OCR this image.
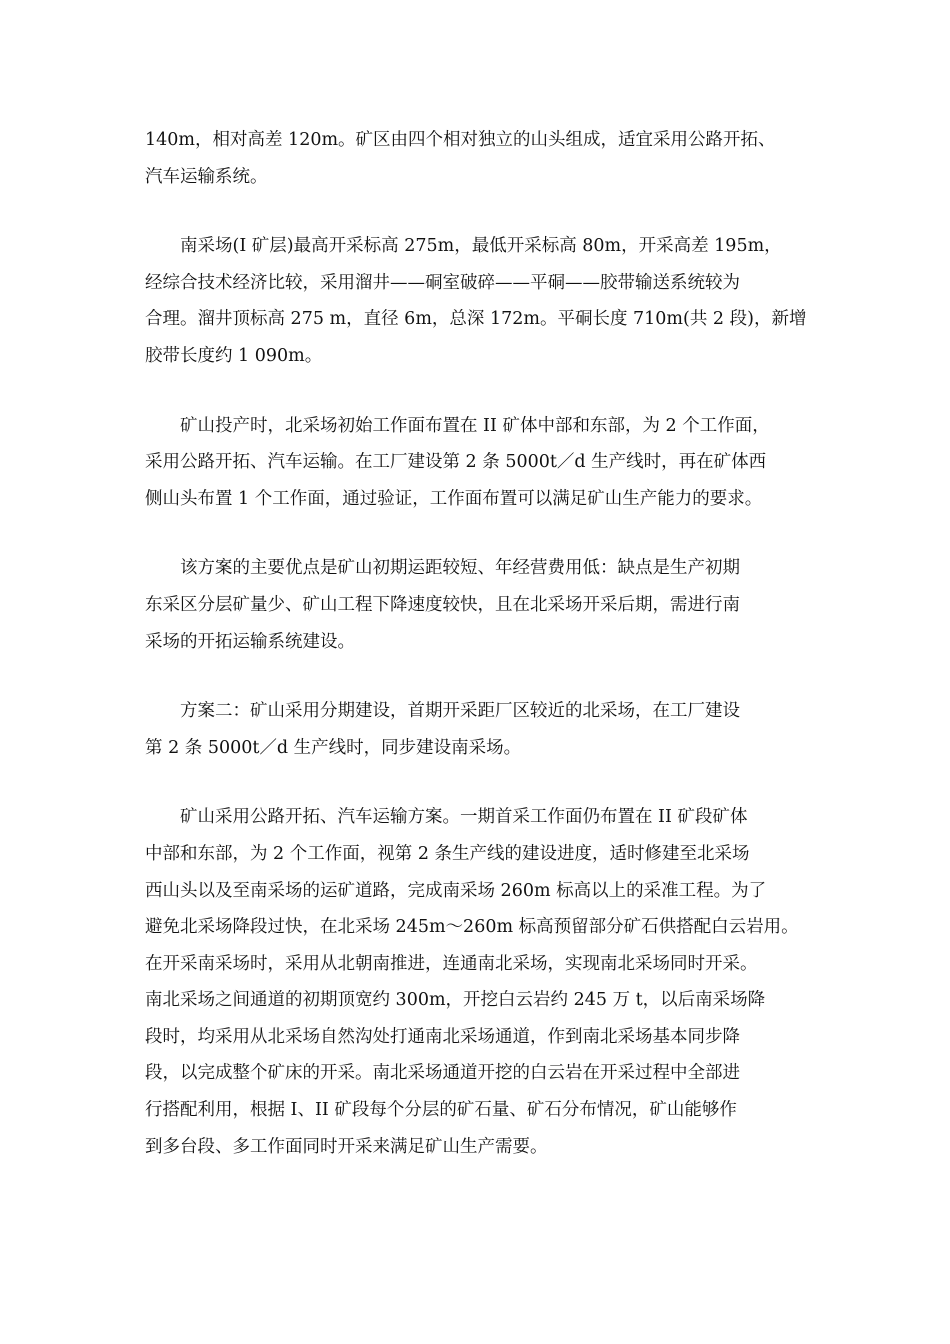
140m，相对高差 120m。矿区由四个相对独立的山头组成，适宜采用公路开拓、
汽车运输系统。
　　南采场(I 矿层)最高开采标高 275m，最低开采标高 80m，开采高差 195m，
经综合技术经济比较，采用溜井——硐室破碎——平硐——胶带输送系统较为
合理。溜井顶标高 275 m，直径 6m，总深 172m。平硐长度 710m(共 2 段)，新增
胶带长度约 1 090m。
　　矿山投产时，北采场初始工作面布置在 II 矿体中部和东部，为 2 个工作面，
采用公路开拓、汽车运输。在工厂建设第 2 条 5000t／d 生产线时，再在矿体西
侧山头布置 1 个工作面，通过验证，工作面布置可以满足矿山生产能力的要求。
　　该方案的主要优点是矿山初期运距较短、年经营费用低：缺点是生产初期
东采区分层矿量少、矿山工程下降速度较快，且在北采场开采后期，需进行南
采场的开拓运输系统建设。
　　方案二：矿山采用分期建设，首期开采距厂区较近的北采场，在工厂建设
第 2 条 5000t／d 生产线时，同步建设南采场。
　　矿山采用公路开拓、汽车运输方案。一期首采工作面仍布置在 II 矿段矿体
中部和东部，为 2 个工作面，视第 2 条生产线的建设进度，适时修建至北采场
西山头以及至南采场的运矿道路，完成南采场 260m 标高以上的采准工程。为了
避免北采场降段过快，在北采场 245m～260m 标高预留部分矿石供搭配白云岩用。
在开采南采场时，采用从北朝南推进，连通南北采场，实现南北采场同时开采。
南北采场之间通道的初期顶宽约 300m，开挖白云岩约 245 万 t，以后南采场降
段时，均采用从北采场自然沟处打通南北采场通道，作到南北采场基本同步降
段，以完成整个矿床的开采。南北采场通道开挖的白云岩在开采过程中全部进
行搭配利用，根据 I、II 矿段每个分层的矿石量、矿石分布情况，矿山能够作
到多台段、多工作面同时开采来满足矿山生产需要。
